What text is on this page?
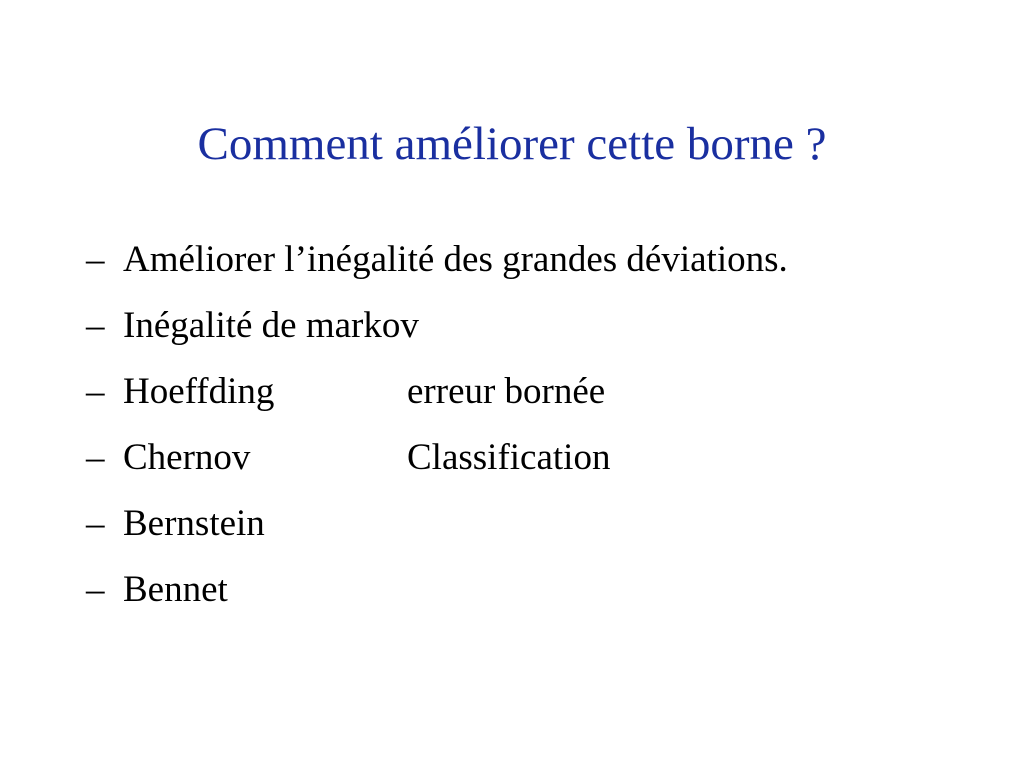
Comment améliorer cette borne ?
– Améliorer l’inégalité des grandes déviations.
– Inégalité de markov
– Hoeffding	erreur bornée
– Chernov	Classification
– Bernstein
– Bennet
